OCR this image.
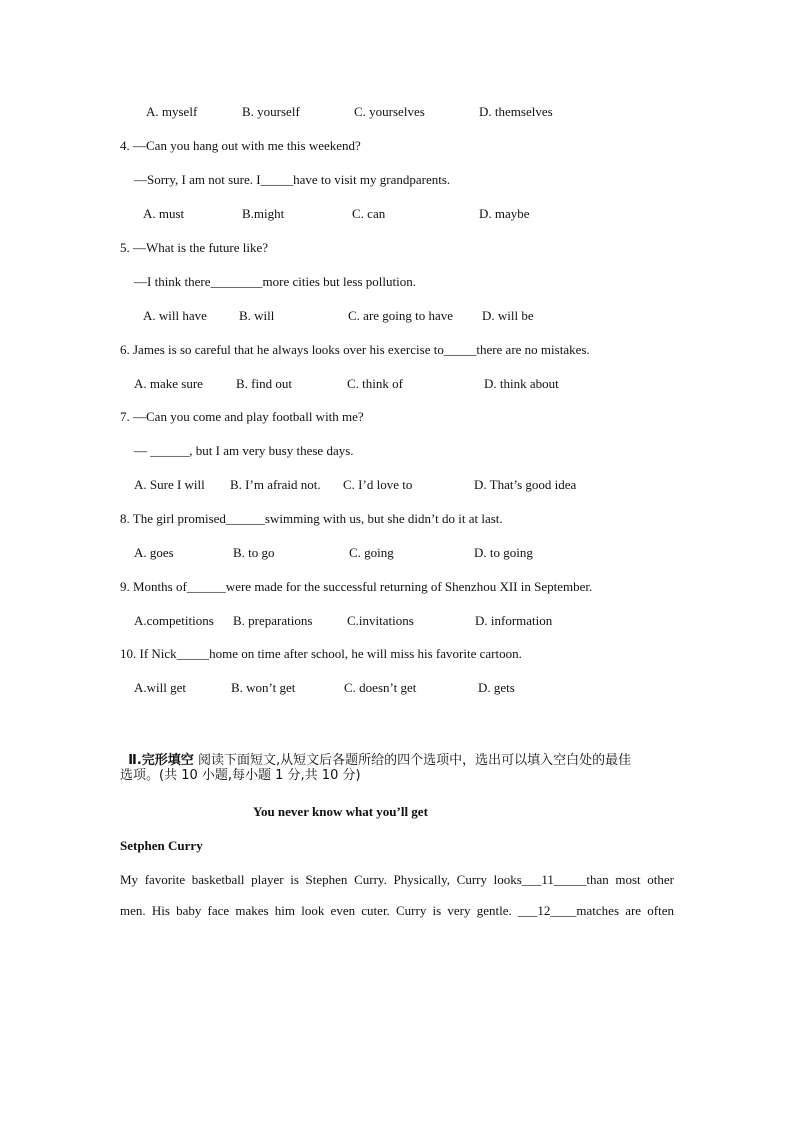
A. myself	B. yourself	C. yourselves	D. themselves
4. —Can you hang out with me this weekend?
—Sorry, I am not sure. I_____have to visit my grandparents.
A. must	B.might	C. can	D. maybe
5. —What is the future like?
—I think there________more cities but less pollution.
A. will have B. will	C. are going to have D. will be
6. James is so careful that he always looks over his exercise to_____there are no mistakes.
A. make sure	B. find out	C. think of	D. think about
7. —Can you come and play football with me?
— ______, but I am very busy these days.
A. Sure I will B. I’m afraid not. C. I’d love to	D. That’s good idea
8. The girl promised______swimming with us, but she didn’t do it at last.
A. goes	B. to go	C. going	D. to going
9. Months of______were made for the successful returning of Shenzhou XII in September.
A.competitions B. preparations	C.invitations	D. information
10. If Nick_____home on time after school, he will miss his favorite cartoon.
A.will get	B. won’t get	C. doesn’t get	D. gets

Ⅱ.完形填空 阅读下面短文,从短文后各题所给的四个选项中，选出可以填入空白处的最佳

选项。(共 10 小题,每小题 1 分,共 10 分)
You never know what you’ll get
Setphen Curry
My favorite basketball player is Stephen Curry. Physically, Curry looks___11_____than most other
men. His baby face makes him look even cuter. Curry is very gentle. ___12____matches are often
